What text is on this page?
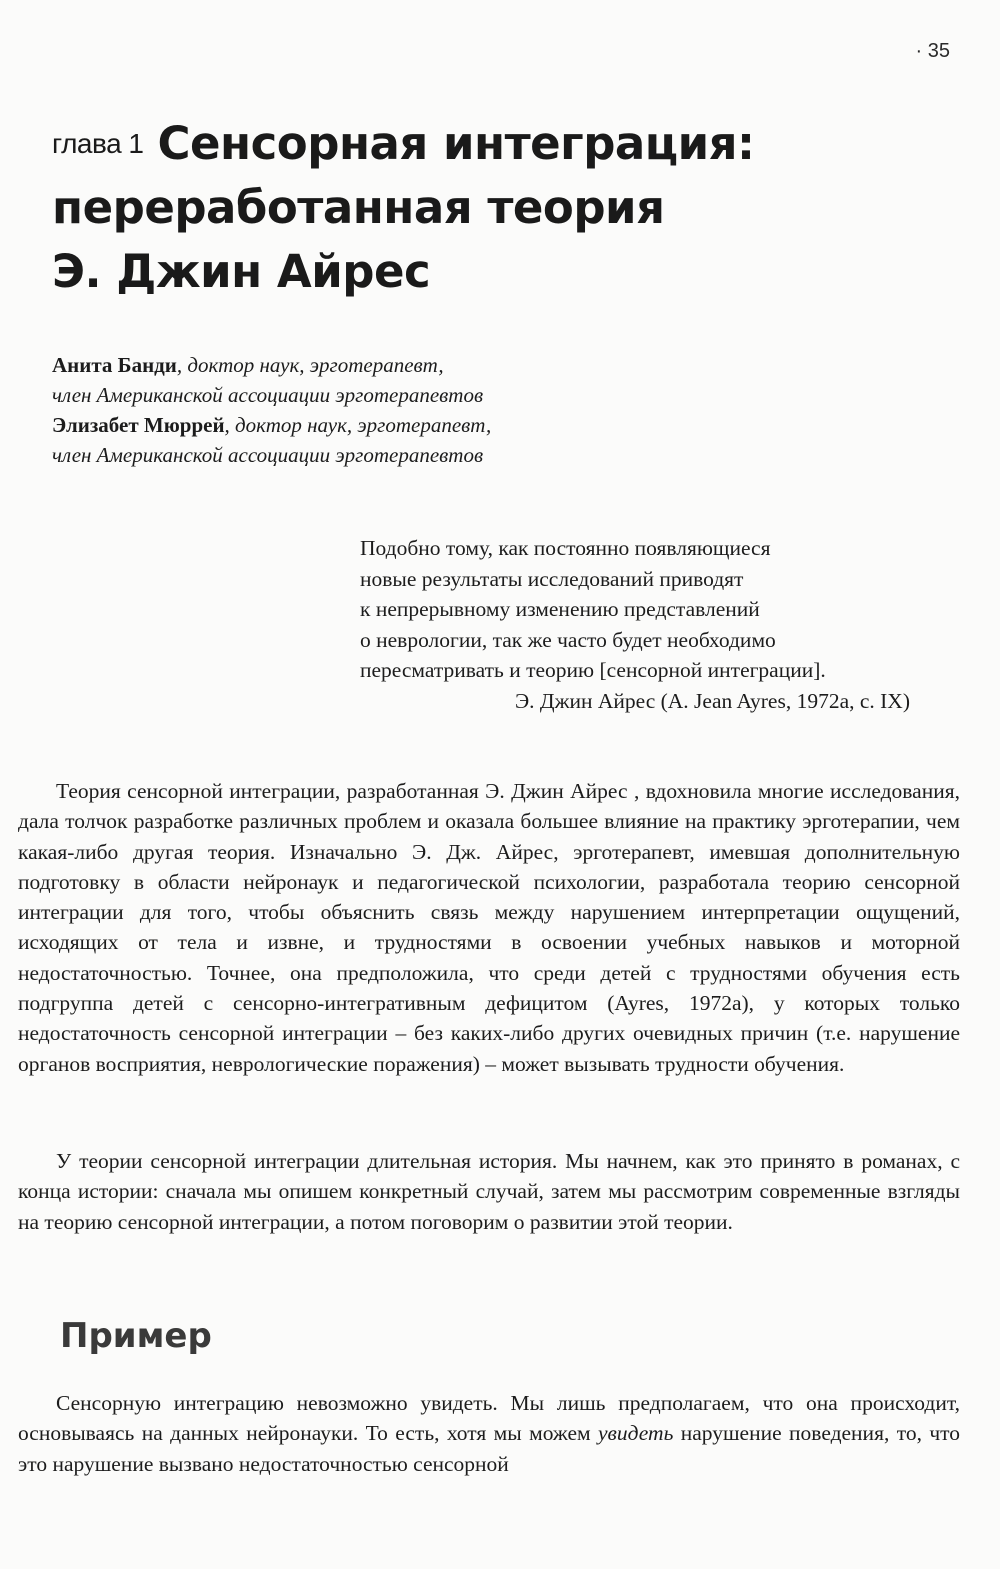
· 35
глава 1 Сенсорная интеграция:
переработанная теория
Э. Джин Айрес
Анита Банди, доктор наук, эрготерапевт,
член Американской ассоциации эрготерапевтов
Элизабет Мюррей, доктор наук, эрготерапевт,
член Американской ассоциации эрготерапевтов
Подобно тому, как постоянно появляющиеся
новые результаты исследований приводят
к непрерывному изменению представлений
о неврологии, так же часто будет необходимо
пересматривать и теорию [сенсорной интеграции].
Э. Джин Айрес (A. Jean Ayres, 1972a, с. IX)

Теория сенсорной интеграции, разработанная Э. Джин Айрес , вдохновила многие исследования, дала толчок разработке различных проблем и оказала большее влияние на практику эрготерапии, чем какая-либо другая теория. Изначально Э. Дж. Айрес, эрготерапевт, имевшая дополнительную подготовку в области нейронаук и педагогической психологии, разработала теорию сенсорной интеграции для того, чтобы объяснить связь между нарушением интерпретации ощущений, исходящих от тела и извне, и трудностями в освоении учебных навыков и моторной недостаточностью. Точнее, она предположила, что среди детей с трудностями обучения есть подгруппа детей с сенсорно-интегративным дефицитом (Ayres, 1972a), у которых только недостаточность сенсорной интеграции – без каких-либо других очевидных причин (т.е. нарушение органов восприятия, неврологические поражения) – может вызывать трудности обучения.

У теории сенсорной интеграции длительная история. Мы начнем, как это принято в романах, с конца истории: сначала мы опишем конкретный случай, затем мы рассмотрим современные взгляды на теорию сенсорной интеграции, а потом поговорим о развитии этой теории.

Пример

Сенсорную интеграцию невозможно увидеть. Мы лишь предполагаем, что она происходит, основываясь на данных нейронауки. То есть, хотя мы можем увидеть нарушение поведения, то, что это нарушение вызвано недостаточностью сенсорной
